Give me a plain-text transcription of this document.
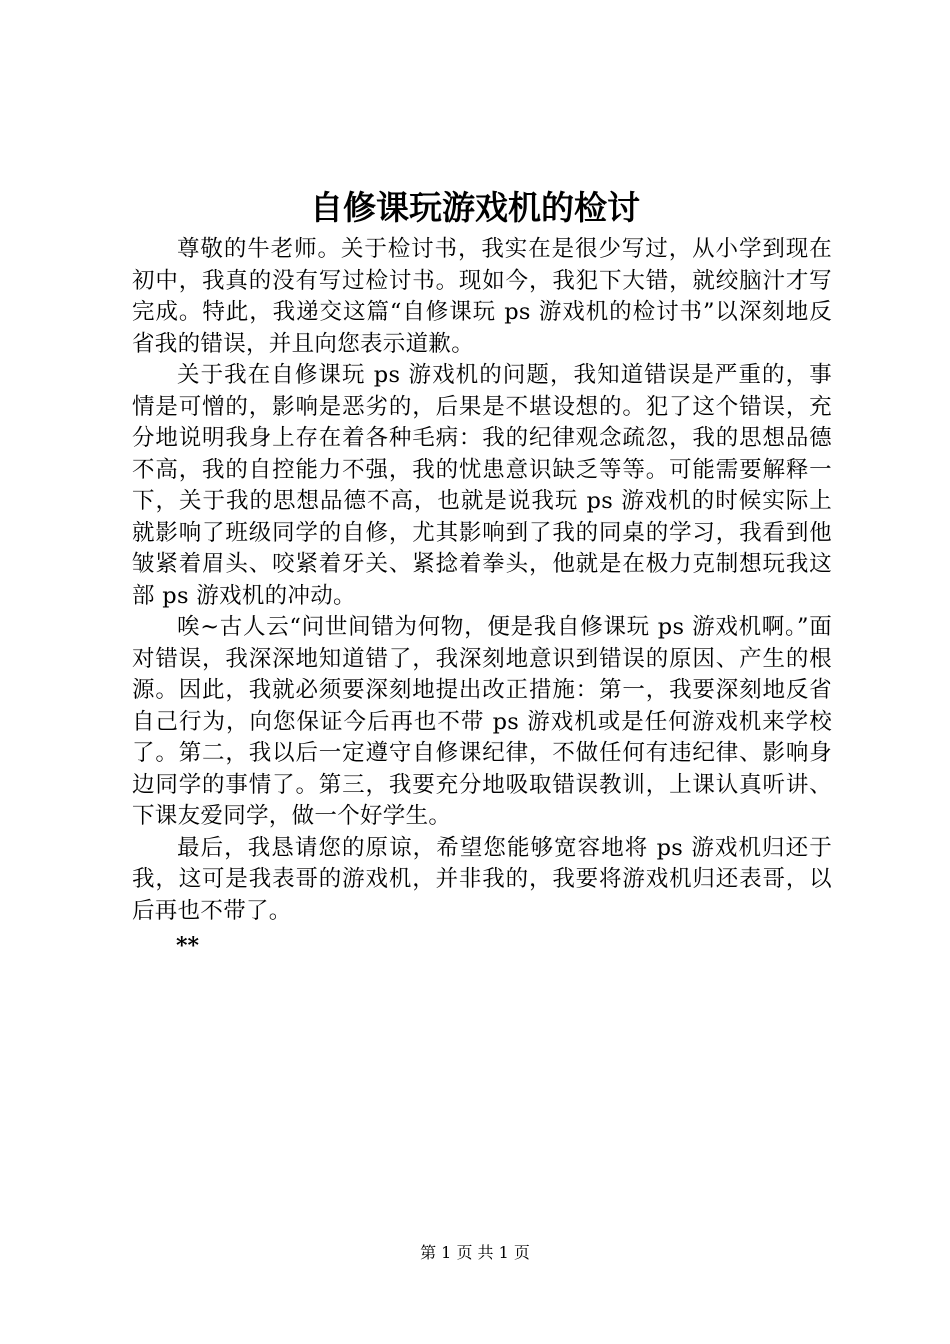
自修课玩游戏机的检讨

尊敬的牛老师。关于检讨书，我实在是很少写过，从小学到现在初中，我真的没有写过检讨书。现如今，我犯下大错，就绞脑汁才写完成。特此，我递交这篇“自修课玩 ps 游戏机的检讨书”以深刻地反省我的错误，并且向您表示道歉。

关于我在自修课玩 ps 游戏机的问题，我知道错误是严重的，事情是可憎的，影响是恶劣的，后果是不堪设想的。犯了这个错误，充分地说明我身上存在着各种毛病：我的纪律观念疏忽，我的思想品德不高，我的自控能力不强，我的忧患意识缺乏等等。可能需要解释一下，关于我的思想品德不高，也就是说我玩 ps 游戏机的时候实际上就影响了班级同学的自修，尤其影响到了我的同桌的学习，我看到他皱紧着眉头、咬紧着牙关、紧捻着拳头，他就是在极力克制想玩我这部 ps 游戏机的冲动。

唉~古人云“问世间错为何物，便是我自修课玩 ps 游戏机啊。”面对错误，我深深地知道错了，我深刻地意识到错误的原因、产生的根源。因此，我就必须要深刻地提出改正措施：第一，我要深刻地反省自己行为，向您保证今后再也不带 ps 游戏机或是任何游戏机来学校了。第二，我以后一定遵守自修课纪律，不做任何有违纪律、影响身边同学的事情了。第三，我要充分地吸取错误教训，上课认真听讲、下课友爱同学，做一个好学生。

最后，我恳请您的原谅，希望您能够宽容地将 ps 游戏机归还于我，这可是我表哥的游戏机，并非我的，我要将游戏机归还表哥，以后再也不带了。

**

第 1 页 共 1 页
